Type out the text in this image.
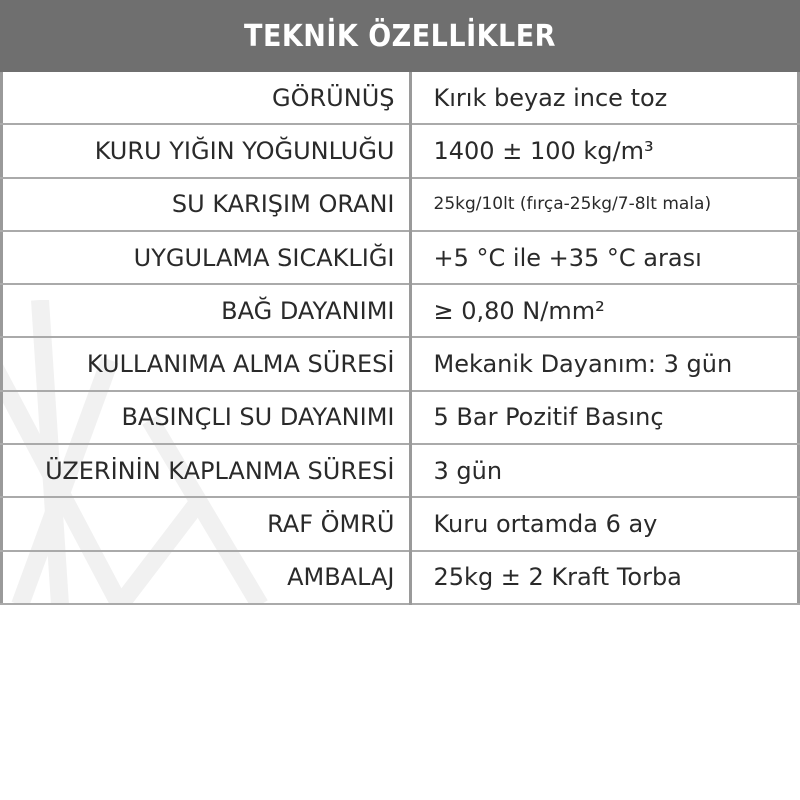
TEKNİK ÖZELLİKLER
GÖRÜNÜŞ	Kırık beyaz ince toz
KURU YIĞIN YOĞUNLUĞU	1400 ± 100 kg/m³
SU KARIŞIM ORANI	25kg/10lt (fırça-25kg/7-8lt mala)
UYGULAMA SICAKLIĞI	+5 °C ile +35 °C arası
BAĞ DAYANIMI	≥ 0,80 N/mm²
KULLANIMA ALMA SÜRESİ	Mekanik Dayanım: 3 gün
BASINÇLI SU DAYANIMI	5 Bar Pozitif Basınç
ÜZERİNİN KAPLANMA SÜRESİ	3 gün
RAF ÖMRÜ	Kuru ortamda 6 ay
AMBALAJ	25kg ± 2 Kraft Torba
